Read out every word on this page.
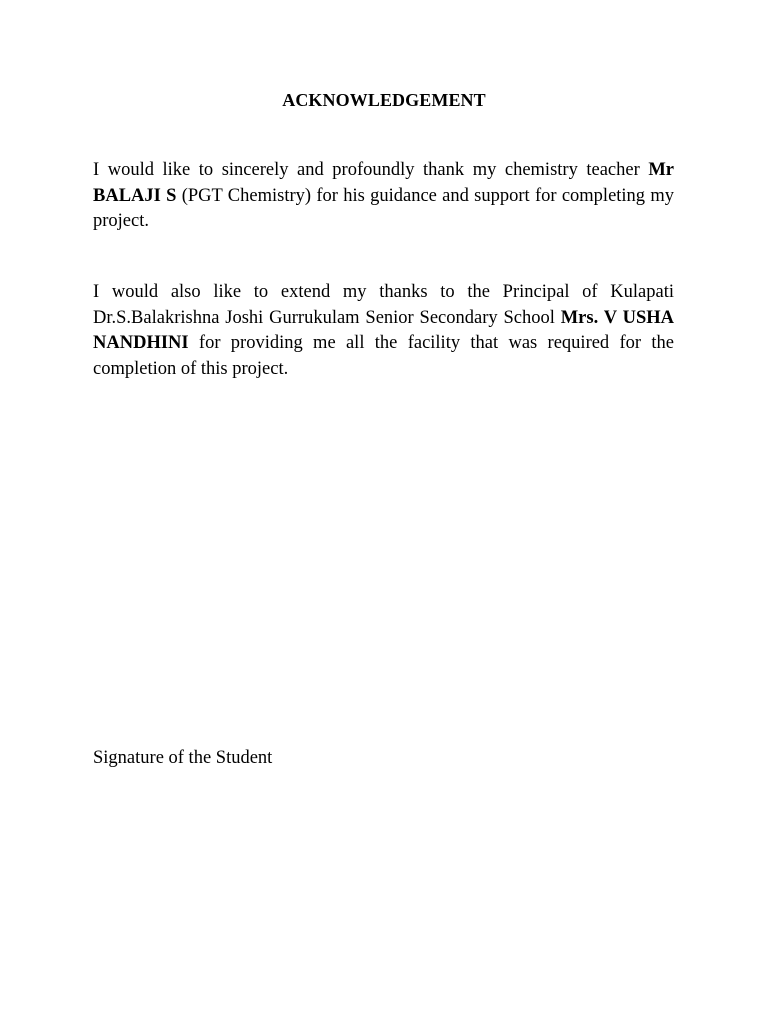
ACKNOWLEDGEMENT

I would like to sincerely and profoundly thank my chemistry teacher Mr BALAJI S (PGT Chemistry) for his guidance and support for completing my project.

I would also like to extend my thanks to the Principal of Kulapati Dr.S.Balakrishna Joshi Gurrukulam Senior Secondary School Mrs. V USHA NANDHINI for providing me all the facility that was required for the completion of this project.

Signature of the Student
